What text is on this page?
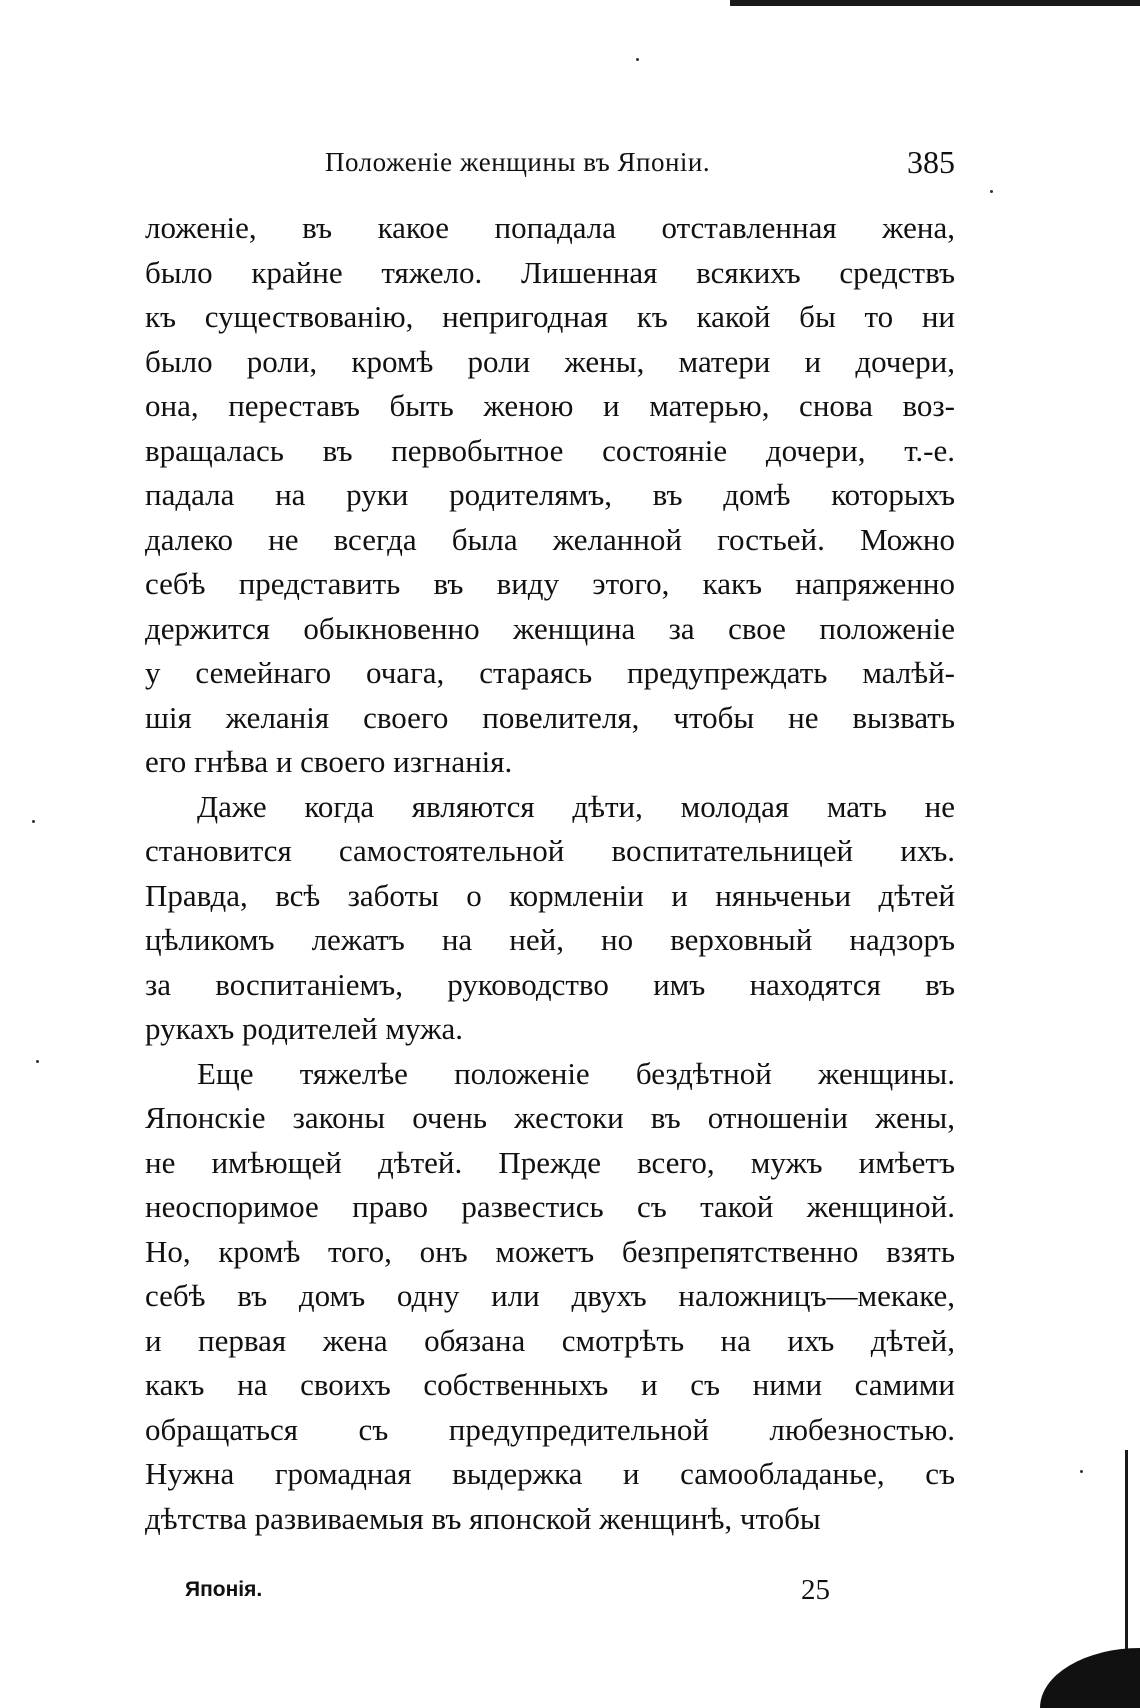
Положеніе женщины въ Японіи.	385
ложеніе, въ какое попадала отставленная жена,
было крайне тяжело. Лишенная всякихъ средствъ
къ существованію, непригодная къ какой бы то ни
было роли, кромѣ роли жены, матери и дочери,
она, переставъ быть женою и матерью, снова воз-
вращалась въ первобытное состояніе дочери, т.-е.
падала на руки родителямъ, въ домѣ которыхъ
далеко не всегда была желанной гостьей. Можно
себѣ представить въ виду этого, какъ напряженно
держится обыкновенно женщина за свое положеніе
у семейнаго очага, стараясь предупреждать малѣй-
шія желанія своего повелителя, чтобы не вызвать
его гнѣва и своего изгнанія.
Даже когда являются дѣти, молодая мать не
становится самостоятельной воспитательницей ихъ.
Правда, всѣ заботы о кормленіи и няньченьи дѣтей
цѣликомъ лежатъ на ней, но верховный надзоръ
за воспитаніемъ, руководство имъ находятся въ
рукахъ родителей мужа.
Еще тяжелѣе положеніе бездѣтной женщины.
Японскіе законы очень жестоки въ отношеніи жены,
не имѣющей дѣтей. Прежде всего, мужъ имѣетъ
неоспоримое право развестись съ такой женщиной.
Но, кромѣ того, онъ можетъ безпрепятственно взять
себѣ въ домъ одну или двухъ наложницъ—мекаке,
и первая жена обязана смотрѣть на ихъ дѣтей,
какъ на своихъ собственныхъ и съ ними самими
обращаться съ предупредительной любезностью.
Нужна громадная выдержка и самообладанье, съ
дѣтства развиваемыя въ японской женщинѣ, чтобы
Японія.	25
